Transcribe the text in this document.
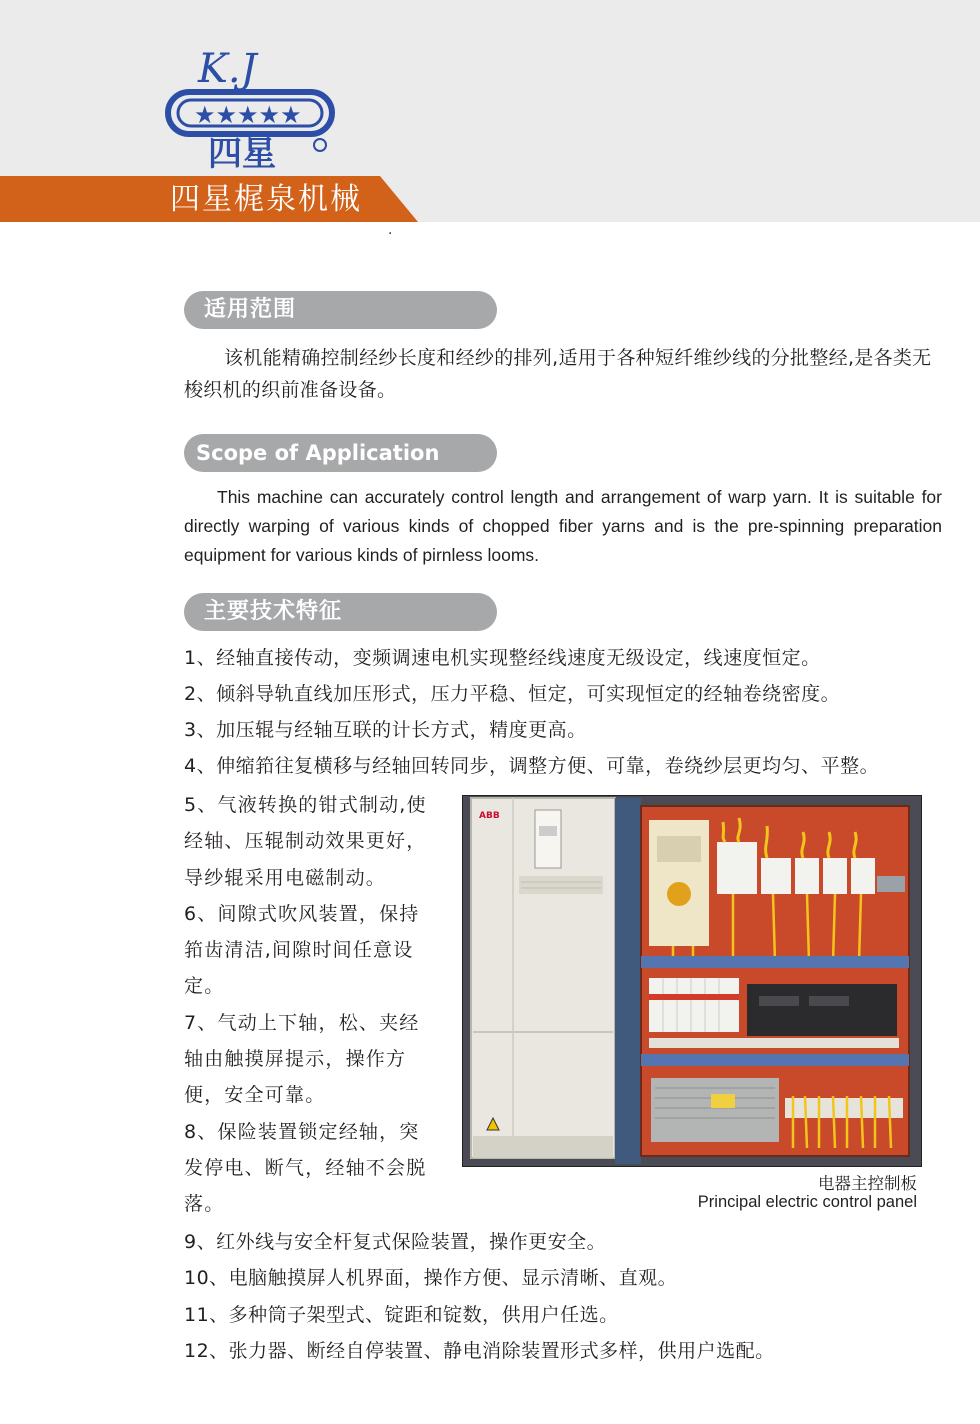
K.J
★★★★★
四星
四星梶泉机械
.
适用范围
该机能精确控制经纱长度和经纱的排列,适用于各种短纤维纱线的分批整经,是各类无梭织机的织前准备设备。
Scope of Application
This machine can accurately control length and arrangement of warp yarn. It is suitable for directly warping of various kinds of chopped fiber yarns and is the pre-spinning preparation equipment for various kinds of pirnless looms.
主要技术特征
1、经轴直接传动，变频调速电机实现整经线速度无级设定，线速度恒定。
2、倾斜导轨直线加压形式，压力平稳、恒定，可实现恒定的经轴卷绕密度。
3、加压辊与经轴互联的计长方式，精度更高。
4、伸缩筘往复横移与经轴回转同步，调整方便、可靠，卷绕纱层更均匀、平整。

5、气液转换的钳式制动,使经轴、压辊制动效果更好，导纱辊采用电磁制动。

6、间隙式吹风装置，保持筘齿清洁,间隙时间任意设定。

7、气动上下轴，松、夹经轴由触摸屏提示，操作方便，安全可靠。

8、保险装置锁定经轴，突发停电、断气，经轴不会脱落。

ABB
电器主控制板
Principal electric control panel
9、红外线与安全杆复式保险装置，操作更安全。
10、电脑触摸屏人机界面，操作方便、显示清晰、直观。
11、多种筒子架型式、锭距和锭数，供用户任选。
12、张力器、断经自停装置、静电消除装置形式多样，供用户选配。
